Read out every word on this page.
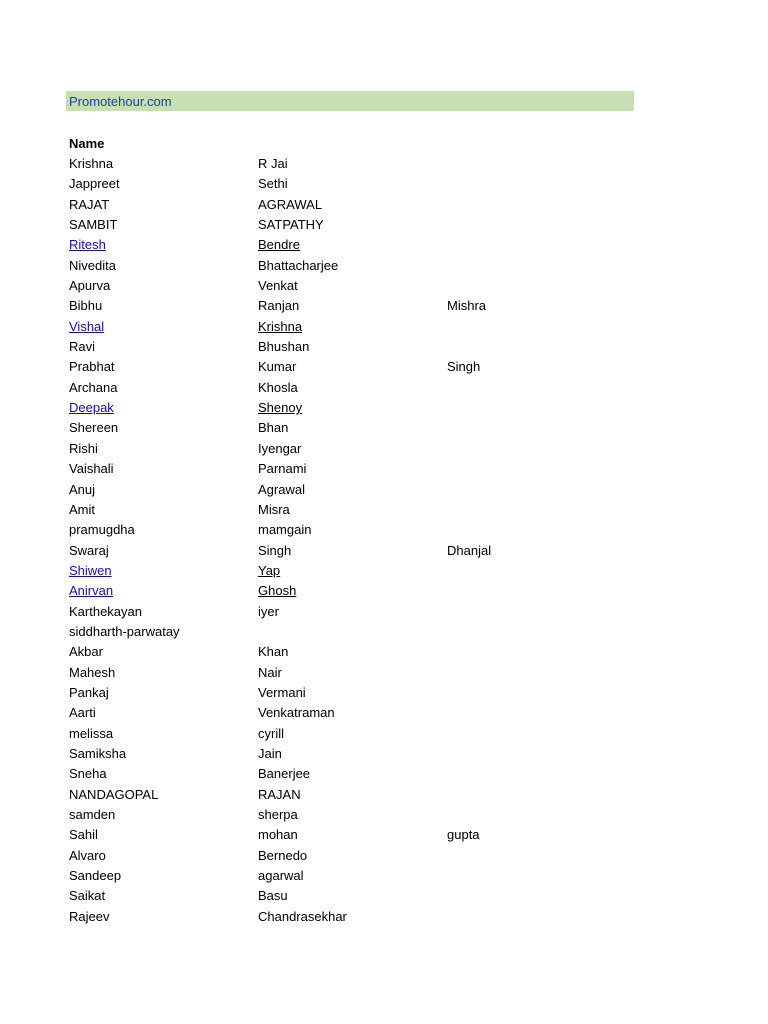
Promotehour.com
Name
Krishna	R Jai
Jappreet	Sethi
RAJAT	AGRAWAL
SAMBIT	SATPATHY
Ritesh	Bendre
Nivedita	Bhattacharjee
Apurva	Venkat
Bibhu	Ranjan	Mishra
Vishal	Krishna
Ravi	Bhushan
Prabhat	Kumar	Singh
Archana	Khosla
Deepak	Shenoy
Shereen	Bhan
Rishi	Iyengar
Vaishali	Parnami
Anuj	Agrawal
Amit	Misra
pramugdha	mamgain
Swaraj	Singh	Dhanjal
Shiwen	Yap
Anirvan	Ghosh
Karthekayan	iyer
siddharth-parwatay
Akbar	Khan
Mahesh	Nair
Pankaj	Vermani
Aarti	Venkatraman
melissa	cyrill
Samiksha	Jain
Sneha	Banerjee
NANDAGOPAL	RAJAN
samden	sherpa
Sahil	mohan	gupta
Alvaro	Bernedo
Sandeep	agarwal
Saikat	Basu
Rajeev	Chandrasekhar
